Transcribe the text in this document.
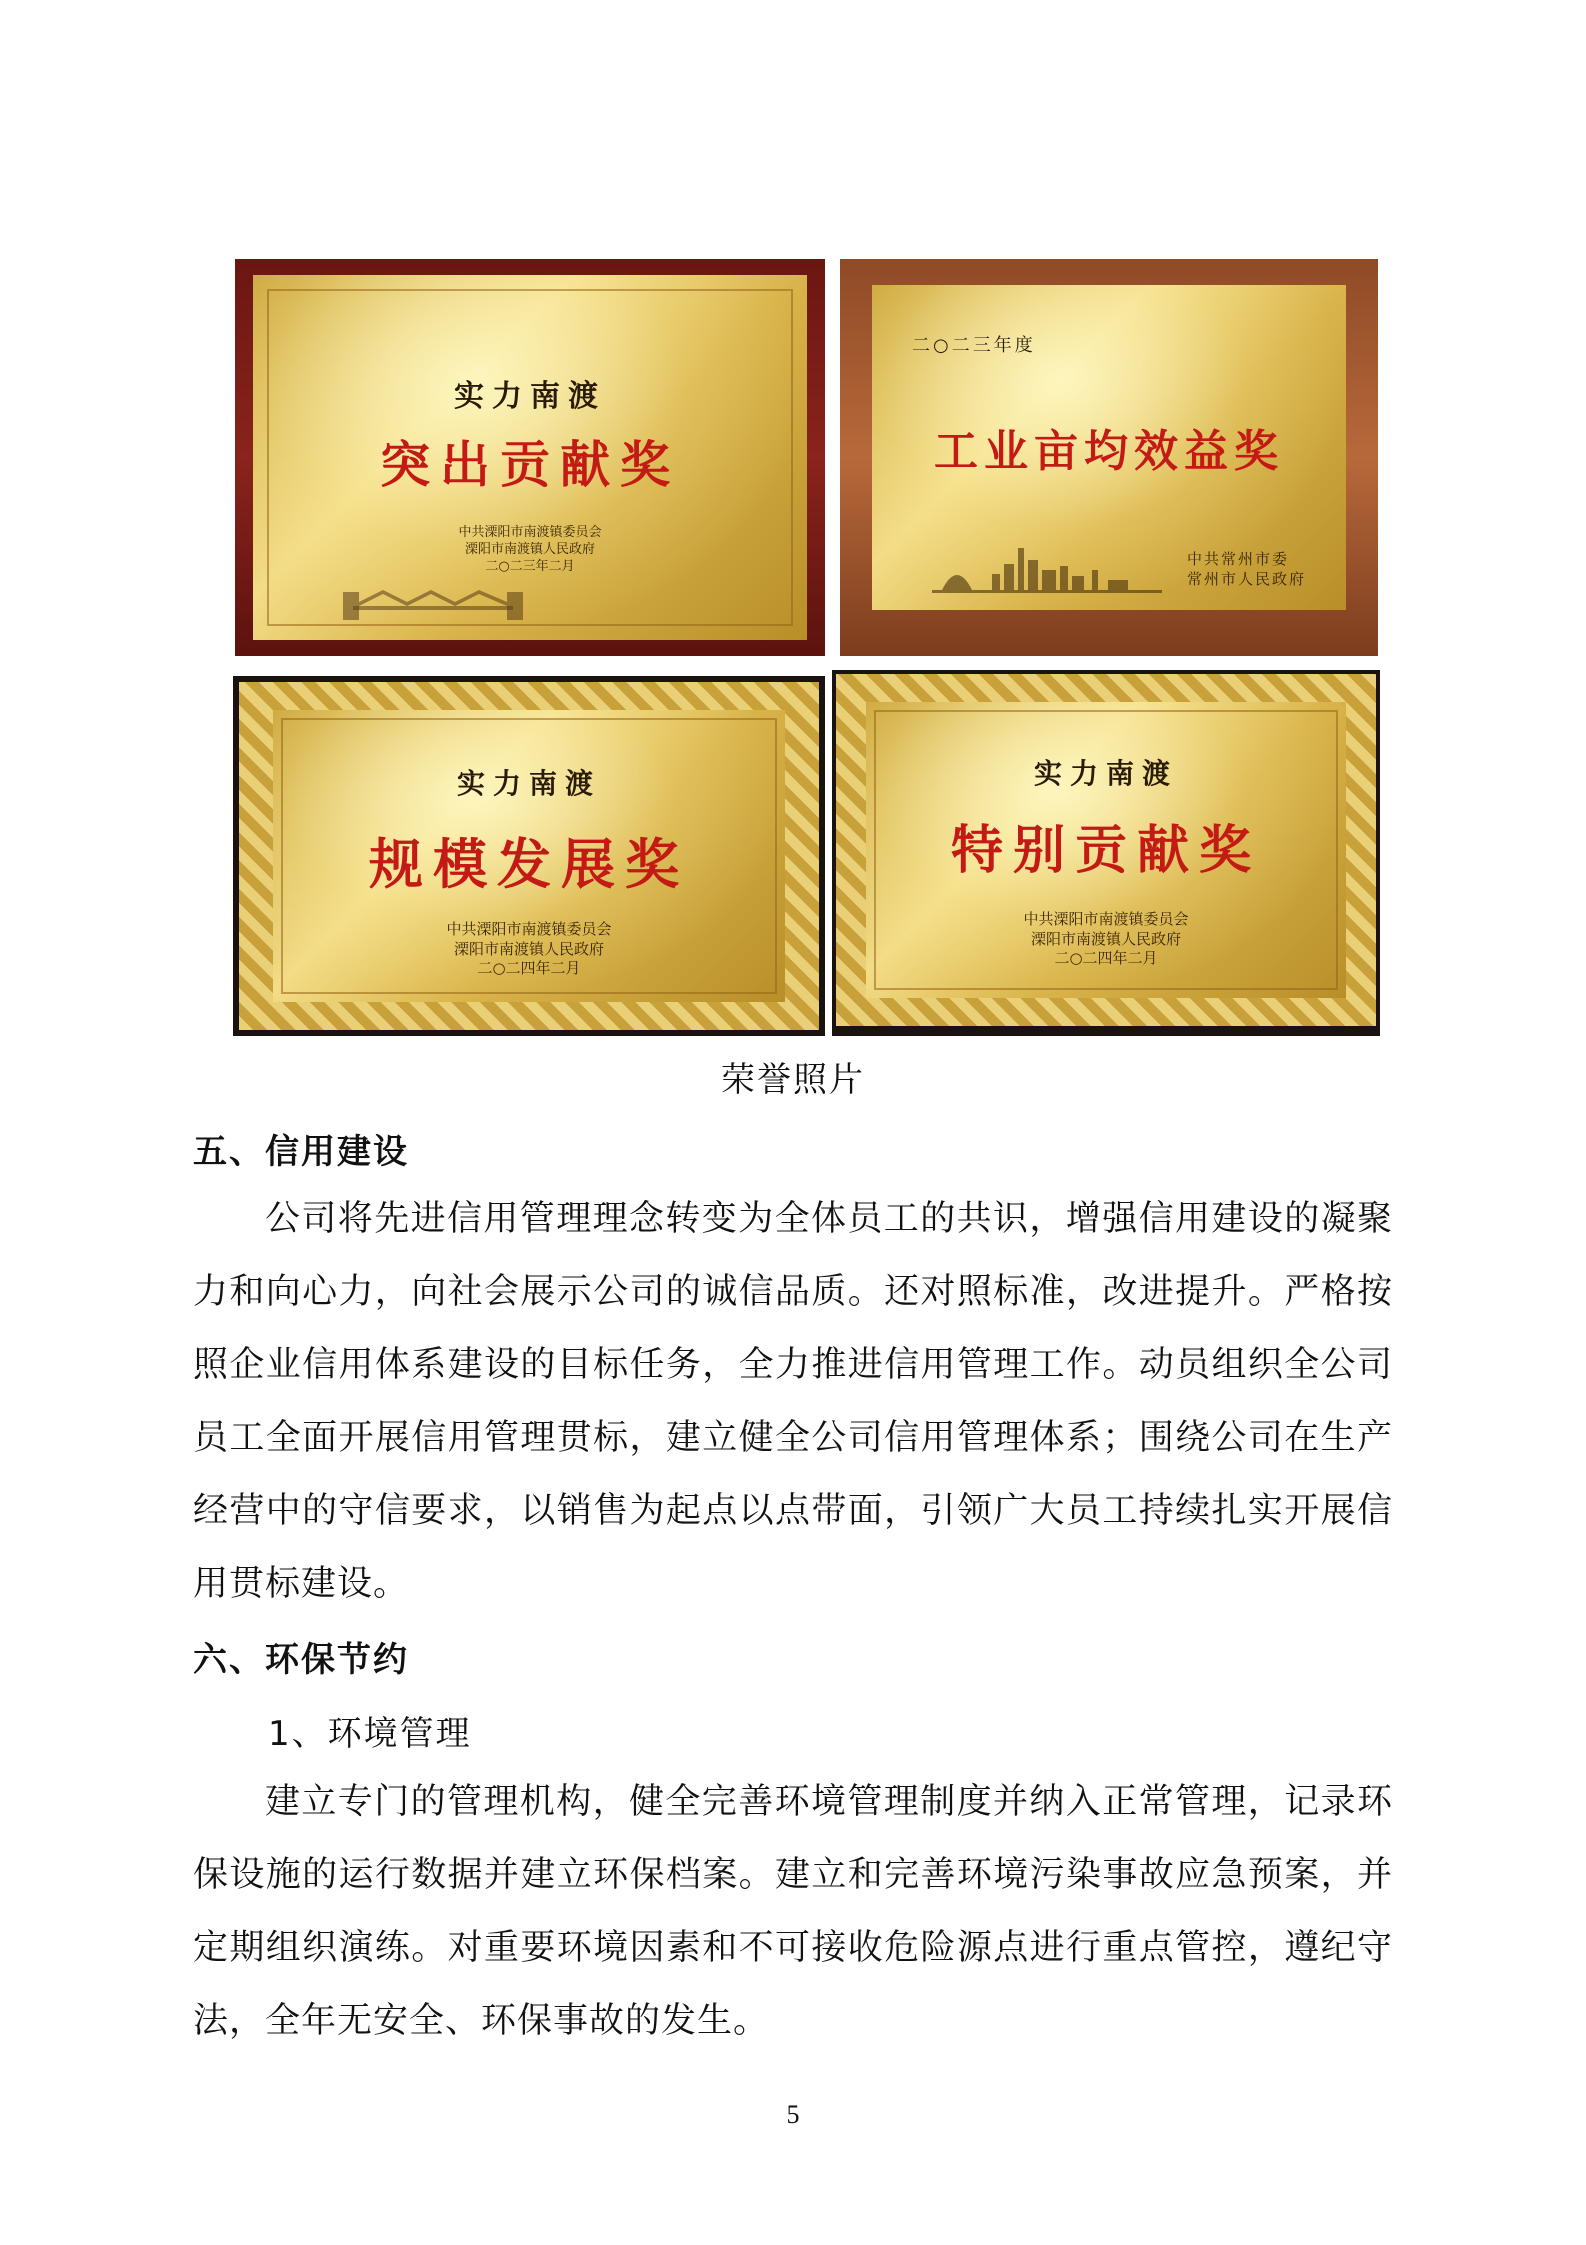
实力南渡
突出贡献奖
中共溧阳市南渡镇委员会
溧阳市南渡镇人民政府
二○二三年二月
二○二三年度
工业亩均效益奖
中共常州市委
常州市人民政府
实力南渡
规模发展奖
中共溧阳市南渡镇委员会
溧阳市南渡镇人民政府
二○二四年二月
实力南渡
特别贡献奖
中共溧阳市南渡镇委员会
溧阳市南渡镇人民政府
二○二四年二月
荣誉照片
五、信用建设
公司将先进信用管理理念转变为全体员工的共识，增强信用建设的凝聚力和向心力，向社会展示公司的诚信品质。还对照标准，改进提升。严格按照企业信用体系建设的目标任务，全力推进信用管理工作。动员组织全公司员工全面开展信用管理贯标，建立健全公司信用管理体系；围绕公司在生产经营中的守信要求，以销售为起点以点带面，引领广大员工持续扎实开展信用贯标建设。
六、环保节约
1、环境管理
建立专门的管理机构，健全完善环境管理制度并纳入正常管理，记录环保设施的运行数据并建立环保档案。建立和完善环境污染事故应急预案，并定期组织演练。对重要环境因素和不可接收危险源点进行重点管控，遵纪守法，全年无安全、环保事故的发生。
5
